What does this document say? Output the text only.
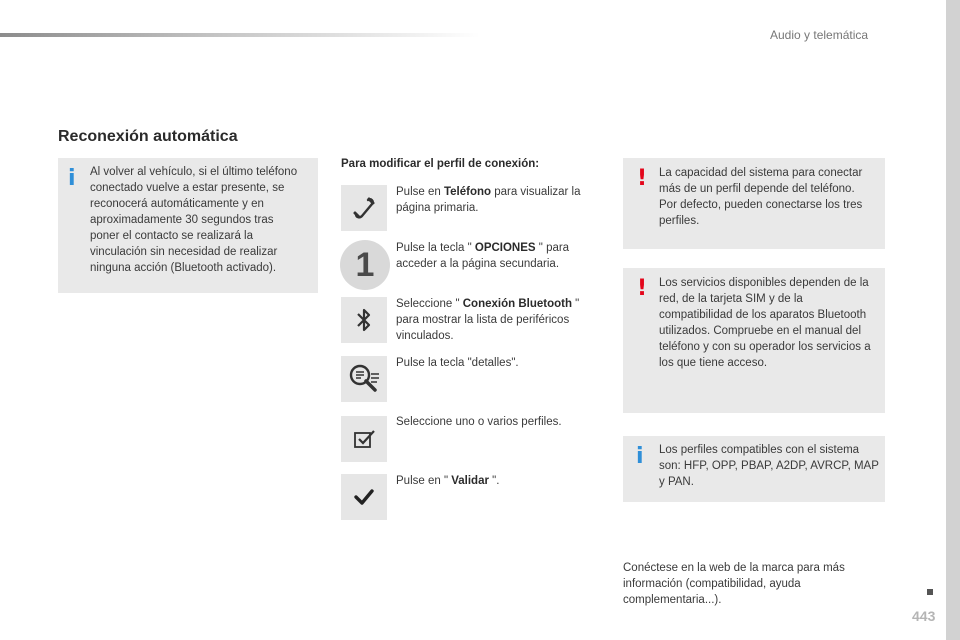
Audio y telemática
Reconexión automática
i Al volver al vehículo, si el último teléfono conectado vuelve a estar presente, se reconocerá automáticamente y en aproximadamente 30 segundos tras poner el contacto se realizará la vinculación sin necesidad de realizar ninguna acción (Bluetooth activado).
Para modificar el perfil de conexión:
Pulse en Teléfono para visualizar la página primaria.
1	Pulse la tecla " OPCIONES " para acceder a la página secundaria.
Seleccione " Conexión Bluetooth " para mostrar la lista de periféricos vinculados.
Pulse la tecla "detalles".
Seleccione uno o varios perfiles.
Pulse en " Validar ".
! La capacidad del sistema para conectar más de un perfil depende del teléfono.
Por defecto, pueden conectarse los tres perfiles.
! Los servicios disponibles dependen de la red, de la tarjeta SIM y de la compatibilidad de los aparatos Bluetooth utilizados. Compruebe en el manual del teléfono y con su operador los servicios a los que tiene acceso.
i Los perfiles compatibles con el sistema son: HFP, OPP, PBAP, A2DP, AVRCP, MAP y PAN.
Conéctese en la web de la marca para más información (compatibilidad, ayuda complementaria...).
443
